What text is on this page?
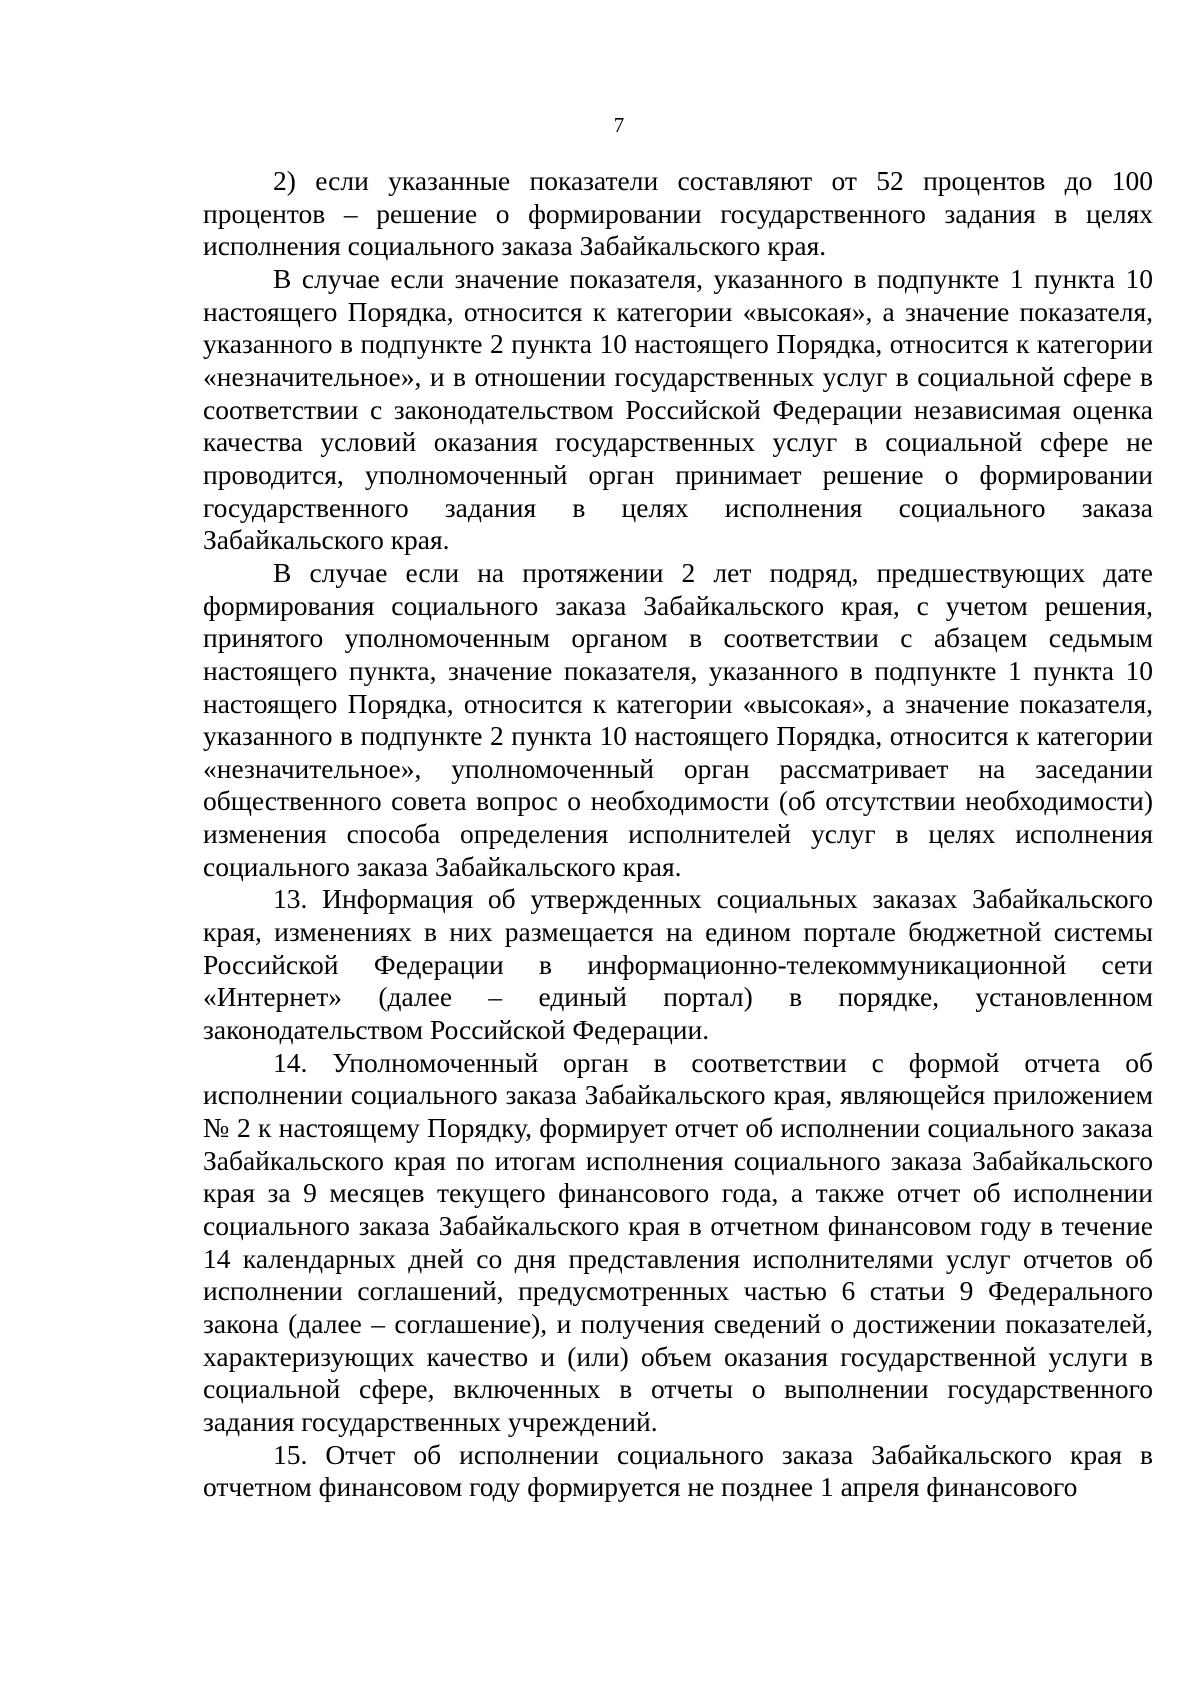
7

2) если указанные показатели составляют от 52 процентов до 100 процентов – решение о формировании государственного задания в целях исполнения социального заказа Забайкальского края.

В случае если значение показателя, указанного в подпункте 1 пункта 10 настоящего Порядка, относится к категории «высокая», а значение показателя, указанного в подпункте 2 пункта 10 настоящего Порядка, относится к категории «незначительное», и в отношении государственных услуг в социальной сфере в соответствии с законодательством Российской Федерации независимая оценка качества условий оказания государственных услуг в социальной сфере не проводится, уполномоченный орган принимает решение о формировании государственного задания в целях исполнения социального заказа Забайкальского края.

В случае если на протяжении 2 лет подряд, предшествующих дате формирования социального заказа Забайкальского края, с учетом решения, принятого уполномоченным органом в соответствии с абзацем седьмым настоящего пункта, значение показателя, указанного в подпункте 1 пункта 10 настоящего Порядка, относится к категории «высокая», а значение показателя, указанного в подпункте 2 пункта 10 настоящего Порядка, относится к категории «незначительное», уполномоченный орган рассматривает на заседании общественного совета вопрос о необходимости (об отсутствии необходимости) изменения способа определения исполнителей услуг в целях исполнения социального заказа Забайкальского края.

13. Информация об утвержденных социальных заказах Забайкальского края, изменениях в них размещается на едином портале бюджетной системы Российской Федерации в информационно-телекоммуникационной сети «Интернет» (далее – единый портал) в порядке, установленном законодательством Российской Федерации.

14. Уполномоченный орган в соответствии с формой отчета об исполнении социального заказа Забайкальского края, являющейся приложением № 2 к настоящему Порядку, формирует отчет об исполнении социального заказа Забайкальского края по итогам исполнения социального заказа Забайкальского края за 9 месяцев текущего финансового года, а также отчет об исполнении социального заказа Забайкальского края в отчетном финансовом году в течение 14 календарных дней со дня представления исполнителями услуг отчетов об исполнении соглашений, предусмотренных частью 6 статьи 9 Федерального закона (далее – соглашение), и получения сведений о достижении показателей, характеризующих качество и (или) объем оказания государственной услуги в социальной сфере, включенных в отчеты о выполнении государственного задания государственных учреждений.

15. Отчет об исполнении социального заказа Забайкальского края в отчетном финансовом году формируется не позднее 1 апреля финансового
